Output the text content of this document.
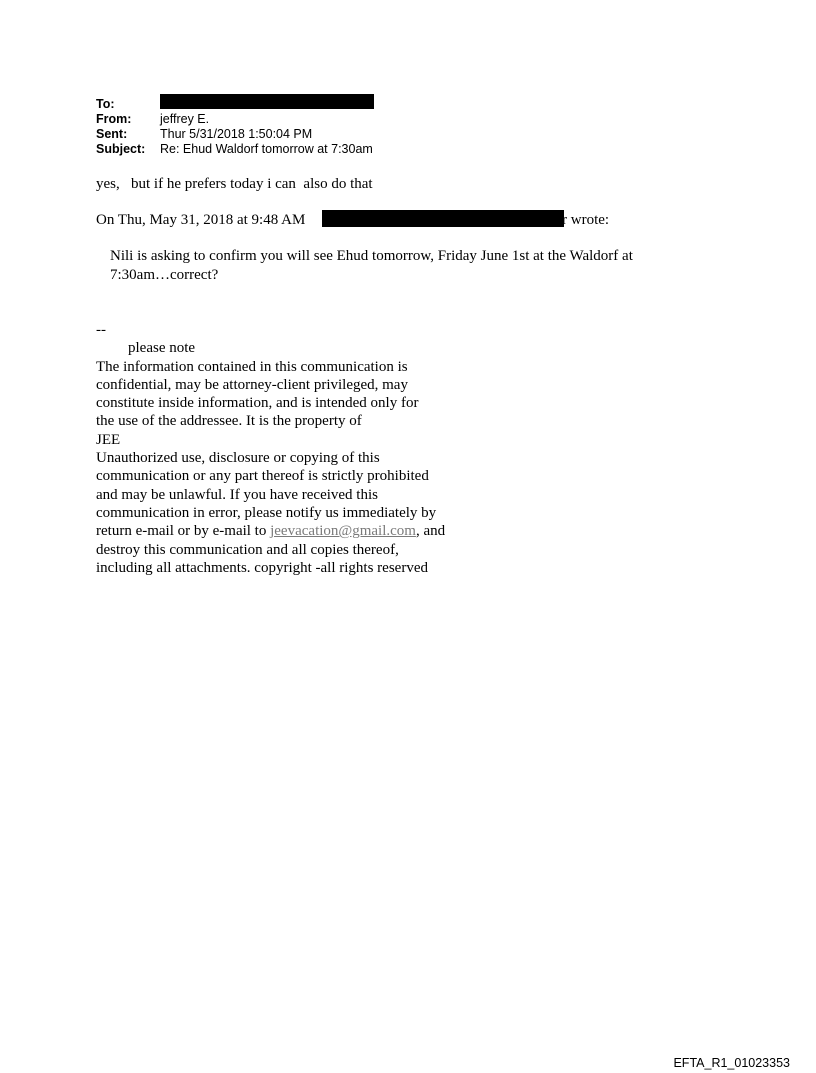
To:
From: jeffrey E.
Sent:	Thur 5/31/2018 1:50:04 PM
Subject: Re: Ehud Waldorf tomorrow at 7:30am
yes,   but if he prefers today i can  also do that
On Thu, May 31, 2018 at 9:48 AM	r wrote:
Nili is asking to confirm you will see Ehud tomorrow, Friday June 1st at the Waldorf at 7:30am…correct?
--
please note
The information contained in this communication is
confidential, may be attorney-client privileged, may
constitute inside information, and is intended only for
the use of the addressee. It is the property of
JEE
Unauthorized use, disclosure or copying of this
communication or any part thereof is strictly prohibited
and may be unlawful. If you have received this
communication in error, please notify us immediately by
return e-mail or by e-mail to jeevacation@gmail.com, and
destroy this communication and all copies thereof,
including all attachments. copyright -all rights reserved
EFTA_R1_01023353
